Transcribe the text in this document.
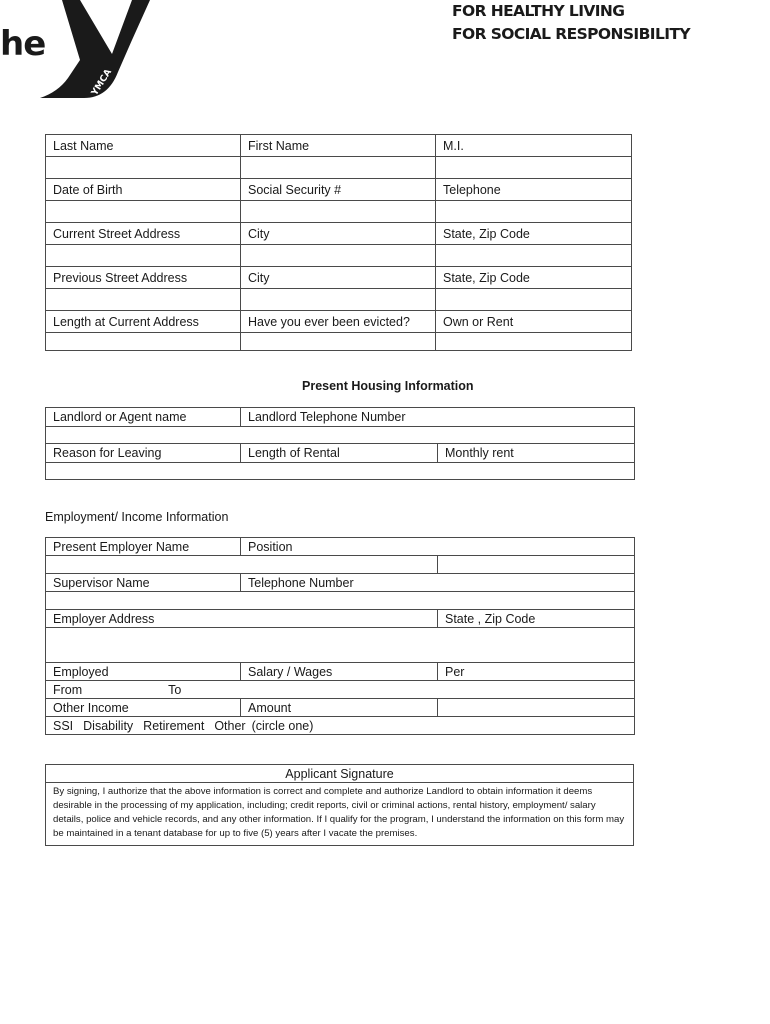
he
YMCA
FOR HEALTHY LIVING
FOR SOCIAL RESPONSIBILITY
Last Name	First Name	M.I.

Date of Birth	Social Security #	Telephone

Current Street Address	City	State, Zip Code

Previous Street Address	City	State, Zip Code

Length at Current Address	Have you ever been evicted?	Own or Rent

Present Housing Information
Landlord or Agent name	Landlord Telephone Number	

Reason for Leaving	Length of Rental	Monthly rent

Employment/ Income Information
Present Employer Name	Position	

Supervisor Name	Telephone Number	

Employer Address		State , Zip Code

Employed	Salary / Wages	Per
From To		
Other Income	Amount	
SSI Disability Retirement Other (circle one)		
Applicant Signature
By signing, I authorize that the above information is correct and complete and authorize Landlord to obtain information it deems desirable in the processing of my application, including; credit reports, civil or criminal actions, rental history, employment/ salary details, police and vehicle records, and any other information. If I qualify for the program, I understand the information on this form may be maintained in a tenant database for up to five (5) years after I vacate the premises.
